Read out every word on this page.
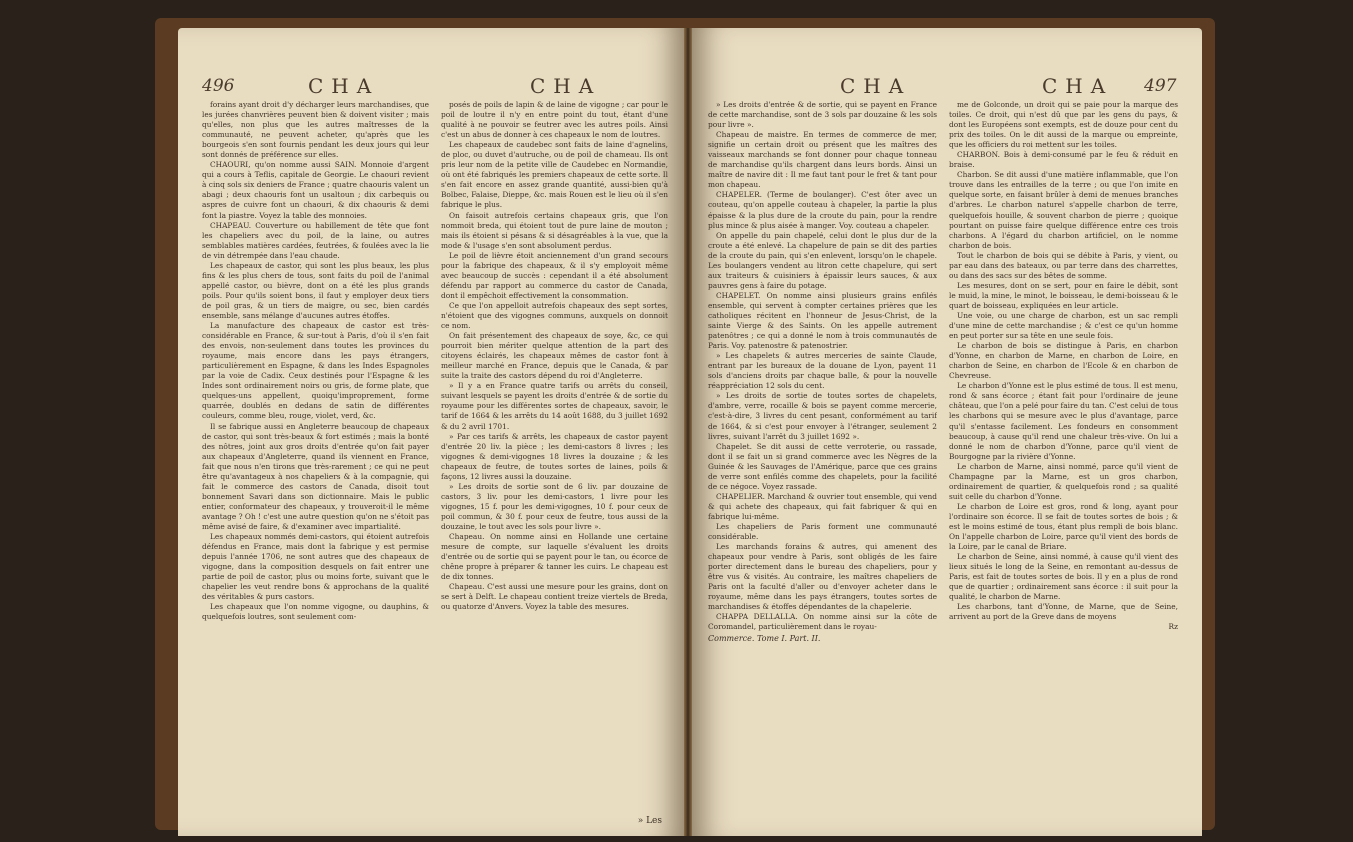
496	CHA	CHA

forains ayant droit d'y décharger leurs marchandises, que les jurées chanvrières peuvent bien & doivent visiter ; mais qu'elles, non plus que les autres maîtresses de la communauté, ne peuvent acheter, qu'après que les bourgeois s'en sont fournis pendant les deux jours qui leur sont donnés de préférence sur elles.

CHAOURI, qu'on nomme aussi SAIN. Monnoie d'argent qui a cours à Teflis, capitale de Georgie. Le chaouri revient à cinq sols six deniers de France ; quatre chaouris valent un abagi ; deux chaouris font un usaltoun ; dix carbequis ou aspres de cuivre font un chaouri, & dix chaouris & demi font la piastre. Voyez la table des monnoies.

CHAPEAU. Couverture ou habillement de tête que font les chapeliers avec du poil, de la laine, ou autres semblables matières cardées, feutrées, & foulées avec la lie de vin détrempée dans l'eau chaude.

Les chapeaux de castor, qui sont les plus beaux, les plus fins & les plus chers de tous, sont faits du poil de l'animal appellé castor, ou bièvre, dont on a été les plus grands poils. Pour qu'ils soient bons, il faut y employer deux tiers de poil gras, & un tiers de maigre, ou sec, bien cardés ensemble, sans mélange d'aucunes autres étoffes.

La manufacture des chapeaux de castor est très-considérable en France, & sur-tout à Paris, d'où il s'en fait des envois, non-seulement dans toutes les provinces du royaume, mais encore dans les pays étrangers, particulièrement en Espagne, & dans les Indes Espagnoles par la voie de Cadix. Ceux destinés pour l'Espagne & les Indes sont ordinairement noirs ou gris, de forme plate, que quelques-uns appellent, quoiqu'improprement, forme quarrée, doublés en dedans de satin de différentes couleurs, comme bleu, rouge, violet, verd, &c.

Il se fabrique aussi en Angleterre beaucoup de chapeaux de castor, qui sont très-beaux & fort estimés ; mais la bonté des nôtres, joint aux gros droits d'entrée qu'on fait payer aux chapeaux d'Angleterre, quand ils viennent en France, fait que nous n'en tirons que très-rarement ; ce qui ne peut être qu'avantageux à nos chapeliers & à la compagnie, qui fait le commerce des castors de Canada, disoit tout bonnement Savari dans son dictionnaire. Mais le public entier, conformateur des chapeaux, y trouveroit-il le même avantage ? Oh ! c'est une autre question qu'on ne s'étoit pas même avisé de faire, & d'examiner avec impartialité.

Les chapeaux nommés demi-castors, qui étoient autrefois défendus en France, mais dont la fabrique y est permise depuis l'année 1706, ne sont autres que des chapeaux de vigogne, dans la composition desquels on fait entrer une partie de poil de castor, plus ou moins forte, suivant que le chapelier les veut rendre bons & approchans de la qualité des véritables & purs castors.

Les chapeaux que l'on nomme vigogne, ou dauphins, & quelquefois loutres, sont seulement com-

posés de poils de lapin & de laine de vigogne ; car pour le poil de loutre il n'y en entre point du tout, étant d'une qualité à ne pouvoir se feutrer avec les autres poils. Ainsi c'est un abus de donner à ces chapeaux le nom de loutres.

Les chapeaux de caudebec sont faits de laine d'agnelins, de ploc, ou duvet d'autruche, ou de poil de chameau. Ils ont pris leur nom de la petite ville de Caudebec en Normandie, où ont été fabriqués les premiers chapeaux de cette sorte. Il s'en fait encore en assez grande quantité, aussi-bien qu'à Bolbec, Falaise, Dieppe, &c. mais Rouen est le lieu où il s'en fabrique le plus.

On faisoit autrefois certains chapeaux gris, que l'on nommoit breda, qui étoient tout de pure laine de mouton ; mais ils étoient si pésans & si désagréables à la vue, que la mode & l'usage s'en sont absolument perdus.

Le poil de lièvre étoit anciennement d'un grand secours pour la fabrique des chapeaux, & il s'y employoit même avec beaucoup de succès : cependant il a été absolument défendu par rapport au commerce du castor de Canada, dont il empêchoit effectivement la consommation.

Ce que l'on appelloit autrefois chapeaux des sept sortes, n'étoient que des vigognes communs, auxquels on donnoit ce nom.

On fait présentement des chapeaux de soye, &c, ce qui pourroit bien mériter quelque attention de la part des citoyens éclairés, les chapeaux mêmes de castor font à meilleur marché en France, depuis que le Canada, & par suite la traite des castors dépend du roi d'Angleterre.

» Il y a en France quatre tarifs ou arrêts du conseil, suivant lesquels se payent les droits d'entrée & de sortie du royaume pour les différentes sortes de chapeaux, savoir, le tarif de 1664 & les arrêts du 14 août 1688, du 3 juillet 1692 & du 2 avril 1701.

» Par ces tarifs & arrêts, les chapeaux de castor payent d'entrée 20 liv. la pièce ; les demi-castors 8 livres ; les vigognes & demi-vigognes 18 livres la douzaine ; & les chapeaux de feutre, de toutes sortes de laines, poils & façons, 12 livres aussi la douzaine.

» Les droits de sortie sont de 6 liv. par douzaine de castors, 3 liv. pour les demi-castors, 1 livre pour les vigognes, 15 f. pour les demi-vigognes, 10 f. pour ceux de poil commun, & 30 f. pour ceux de feutre, tous aussi de la douzaine, le tout avec les sols pour livre ».

Chapeau. On nomme ainsi en Hollande une certaine mesure de compte, sur laquelle s'évaluent les droits d'entrée ou de sortie qui se payent pour le tan, ou écorce de chêne propre à préparer & tanner les cuirs. Le chapeau est de dix tonnes.

Chapeau. C'est aussi une mesure pour les grains, dont on se sert à Delft. Le chapeau contient treize viertels de Breda, ou quatorze d'Anvers. Voyez la table des mesures.

» Les
CHA	CHA 497

» Les droits d'entrée & de sortie, qui se payent en France de cette marchandise, sont de 3 sols par douzaine & les sols pour livre ».

Chapeau de maistre. En termes de commerce de mer, signifie un certain droit ou présent que les maîtres des vaisseaux marchands se font donner pour chaque tonneau de marchandise qu'ils chargent dans leurs bords. Ainsi un maître de navire dit : Il me faut tant pour le fret & tant pour mon chapeau.

CHAPELER. (Terme de boulanger). C'est ôter avec un couteau, qu'on appelle couteau à chapeler, la partie la plus épaisse & la plus dure de la croute du pain, pour la rendre plus mince & plus aisée à manger. Voy. couteau a chapeler.

On appelle du pain chapelé, celui dont le plus dur de la croute a été enlevé. La chapelure de pain se dit des parties de la croute du pain, qui s'en enlevent, lorsqu'on le chapele. Les boulangers vendent au litron cette chapelure, qui sert aux traiteurs & cuisiniers à épaissir leurs sauces, & aux pauvres gens à faire du potage.

CHAPELET. On nomme ainsi plusieurs grains enfilés ensemble, qui servent à compter certaines prières que les catholiques récitent en l'honneur de Jesus-Christ, de la sainte Vierge & des Saints. On les appelle autrement patenôtres ; ce qui a donné le nom à trois communautés de Paris. Voy. patenostre & patenostrier.

» Les chapelets & autres merceries de sainte Claude, entrant par les bureaux de la douane de Lyon, payent 11 sols d'anciens droits par chaque balle, & pour la nouvelle réappréciation 12 sols du cent.

» Les droits de sortie de toutes sortes de chapelets, d'ambre, verre, rocaille & bois se payent comme mercerie, c'est-à-dire, 3 livres du cent pesant, conformément au tarif de 1664, & si c'est pour envoyer à l'étranger, seulement 2 livres, suivant l'arrêt du 3 juillet 1692 ».

Chapelet. Se dit aussi de cette verroterie, ou rassade, dont il se fait un si grand commerce avec les Nègres de la Guinée & les Sauvages de l'Amérique, parce que ces grains de verre sont enfilés comme des chapelets, pour la facilité de ce négoce. Voyez rassade.

CHAPELIER. Marchand & ouvrier tout ensemble, qui vend & qui achete des chapeaux, qui fait fabriquer & qui en fabrique lui-même.

Les chapeliers de Paris forment une communauté considérable.

Les marchands forains & autres, qui amenent des chapeaux pour vendre à Paris, sont obligés de les faire porter directement dans le bureau des chapeliers, pour y être vus & visités. Au contraire, les maîtres chapeliers de Paris ont la faculté d'aller ou d'envoyer acheter dans le royaume, même dans les pays étrangers, toutes sortes de marchandises & étoffes dépendantes de la chapelerie.

CHAPPA DELLALLA. On nomme ainsi sur la côte de Coromandel, particulièrement dans le royau-

Commerce. Tome I. Part. II.

me de Golconde, un droit qui se paie pour la marque des toiles. Ce droit, qui n'est dû que par les gens du pays, & dont les Européens sont exempts, est de douze pour cent du prix des toiles. On le dit aussi de la marque ou empreinte, que les officiers du roi mettent sur les toiles.

CHARBON. Bois à demi-consumé par le feu & réduit en braise.

Charbon. Se dit aussi d'une matière inflammable, que l'on trouve dans les entrailles de la terre ; ou que l'on imite en quelque sorte, en faisant brûler à demi de menues branches d'arbres. Le charbon naturel s'appelle charbon de terre, quelquefois houille, & souvent charbon de pierre ; quoique pourtant on puisse faire quelque différence entre ces trois charbons. A l'égard du charbon artificiel, on le nomme charbon de bois.

Tout le charbon de bois qui se débite à Paris, y vient, ou par eau dans des bateaux, ou par terre dans des charrettes, ou dans des sacs sur des bêtes de somme.

Les mesures, dont on se sert, pour en faire le débit, sont le muid, la mine, le minot, le boisseau, le demi-boisseau & le quart de boisseau, expliquées en leur article.

Une voie, ou une charge de charbon, est un sac rempli d'une mine de cette marchandise ; & c'est ce qu'un homme en peut porter sur sa tête en une seule fois.

Le charbon de bois se distingue à Paris, en charbon d'Yonne, en charbon de Marne, en charbon de Loire, en charbon de Seine, en charbon de l'Ecole & en charbon de Chevreuse.

Le charbon d'Yonne est le plus estimé de tous. Il est menu, rond & sans écorce ; étant fait pour l'ordinaire de jeune château, que l'on a pelé pour faire du tan. C'est celui de tous les charbons qui se mesure avec le plus d'avantage, parce qu'il s'entasse facilement. Les fondeurs en consomment beaucoup, à cause qu'il rend une chaleur très-vive. On lui a donné le nom de charbon d'Yonne, parce qu'il vient de Bourgogne par la rivière d'Yonne.

Le charbon de Marne, ainsi nommé, parce qu'il vient de Champagne par la Marne, est un gros charbon, ordinairement de quartier, & quelquefois rond ; sa qualité suit celle du charbon d'Yonne.

Le charbon de Loire est gros, rond & long, ayant pour l'ordinaire son écorce. Il se fait de toutes sortes de bois ; & est le moins estimé de tous, étant plus rempli de bois blanc. On l'appelle charbon de Loire, parce qu'il vient des bords de la Loire, par le canal de Briare.

Le charbon de Seine, ainsi nommé, à cause qu'il vient des lieux situés le long de la Seine, en remontant au-dessus de Paris, est fait de toutes sortes de bois. Il y en a plus de rond que de quartier ; ordinairement sans écorce : il suit pour la qualité, le charbon de Marne.

Les charbons, tant d'Yonne, de Marne, que de Seine, arrivent au port de la Greve dans de moyens

Rz
